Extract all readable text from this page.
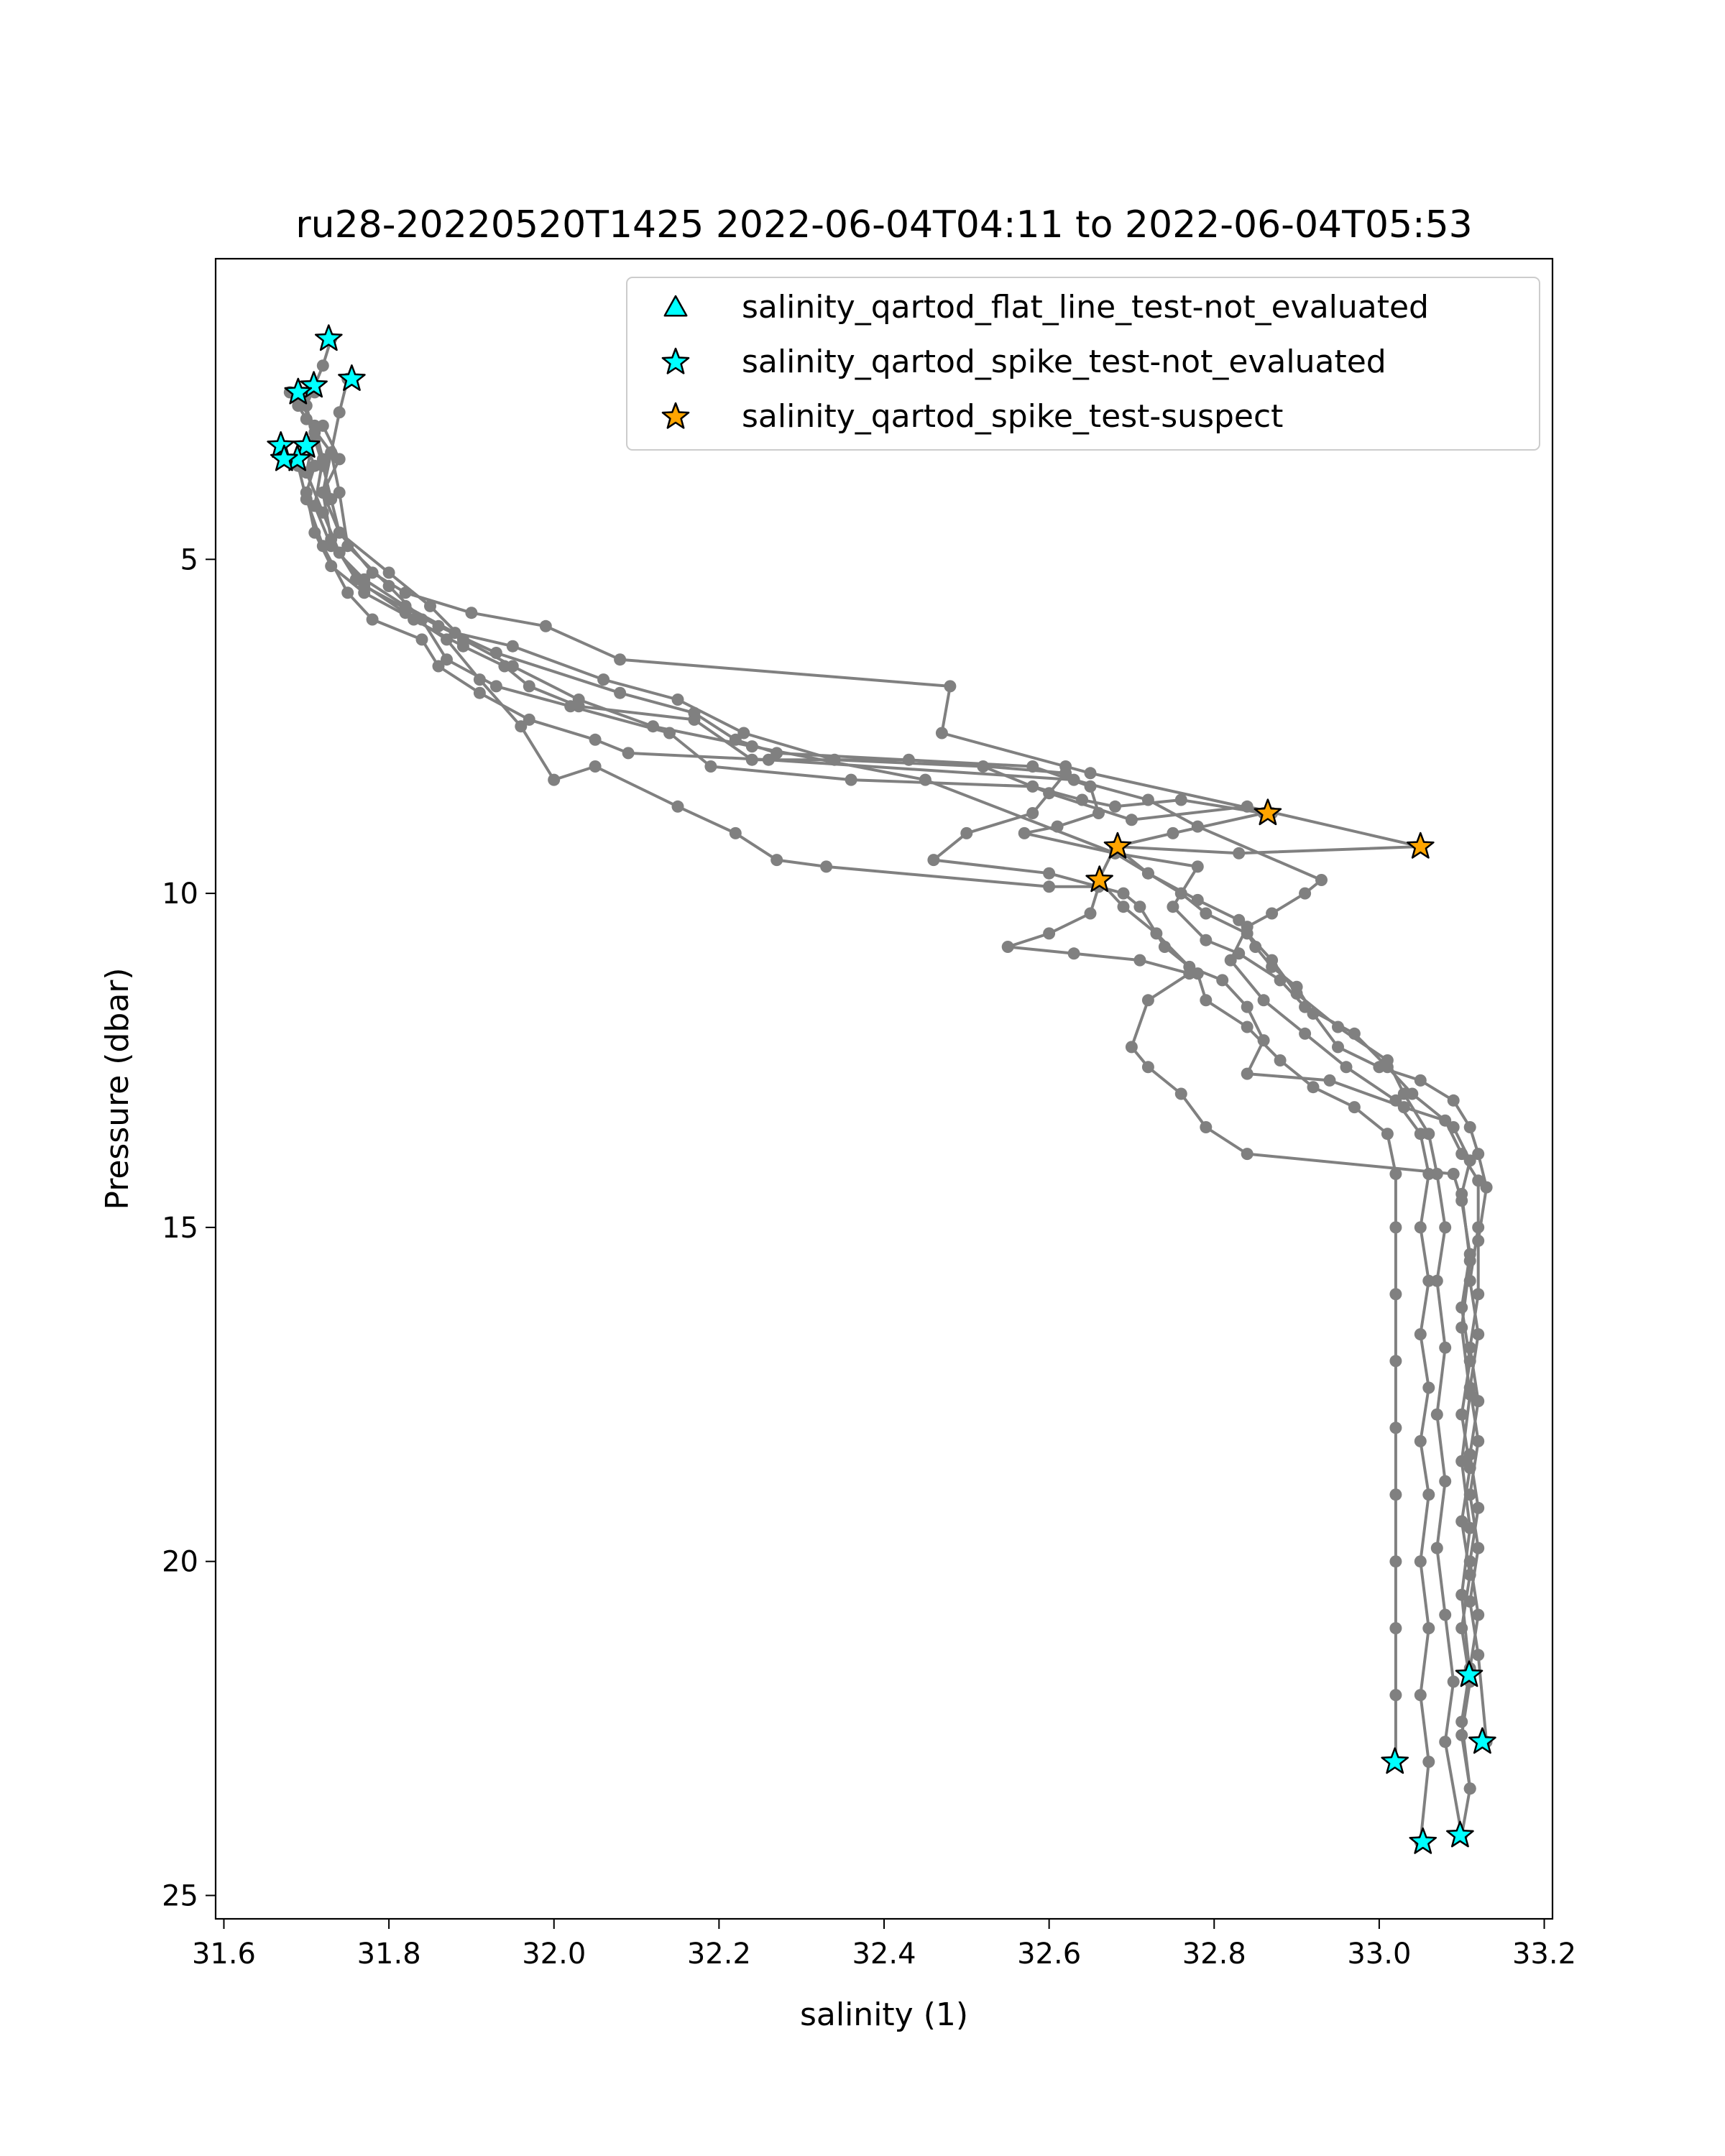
31.6	31.8	32.0	32.2	32.4	32.6	32.8	33.0	33.2
5
10
15
20
25
ru28-20220520T1425 2022-06-04T04:11 to 2022-06-04T05:53
salinity (1)
Pressure (dbar)
salinity_qartod_flat_line_test-not_evaluated
salinity_qartod_spike_test-not_evaluated
salinity_qartod_spike_test-suspect
